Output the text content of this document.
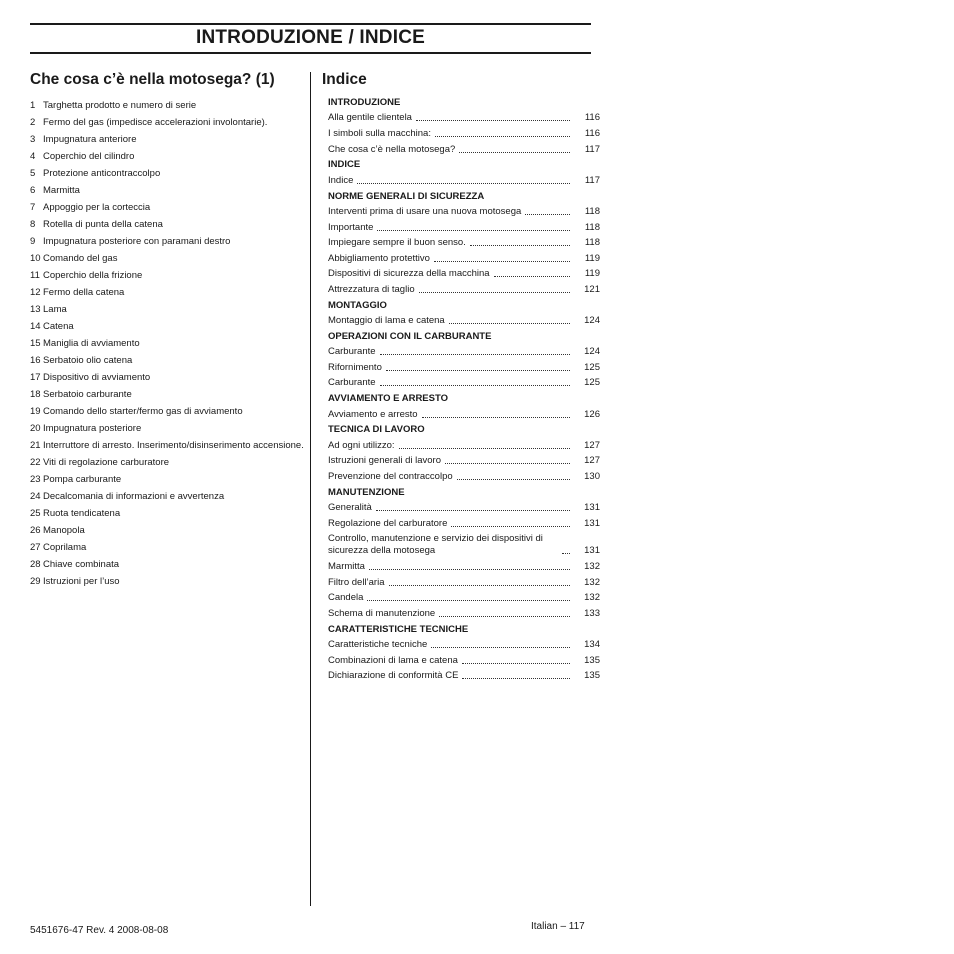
INTRODUZIONE / INDICE
Che cosa c’è nella motosega? (1)
1 Targhetta prodotto e numero di serie
2 Fermo del gas (impedisce accelerazioni involontarie).
3 Impugnatura anteriore
4 Coperchio del cilindro
5 Protezione anticontraccolpo
6 Marmitta
7 Appoggio per la corteccia
8 Rotella di punta della catena
9 Impugnatura posteriore con paramani destro
10 Comando del gas
11 Coperchio della frizione
12 Fermo della catena
13 Lama
14 Catena
15 Maniglia di avviamento
16 Serbatoio olio catena
17 Dispositivo di avviamento
18 Serbatoio carburante
19 Comando dello starter/fermo gas di avviamento
20 Impugnatura posteriore
21 Interruttore di arresto. Inserimento/disinserimento accensione.
22 Viti di regolazione carburatore
23 Pompa carburante
24 Decalcomania di informazioni e avvertenza
25 Ruota tendicatena
26 Manopola
27 Coprilama
28 Chiave combinata
29 Istruzioni per l’uso
Indice
INTRODUZIONE
Alla gentile clientela	116
I simboli sulla macchina:	116
Che cosa c’è nella motosega?	117
INDICE
Indice	117
NORME GENERALI DI SICUREZZA
Interventi prima di usare una nuova motosega	118
Importante	118
Impiegare sempre il buon senso.	118
Abbigliamento protettivo	119
Dispositivi di sicurezza della macchina	119
Attrezzatura di taglio	121
MONTAGGIO
Montaggio di lama e catena	124
OPERAZIONI CON IL CARBURANTE
Carburante	124
Rifornimento	125
Carburante	125
AVVIAMENTO E ARRESTO
Avviamento e arresto	126
TECNICA DI LAVORO
Ad ogni utilizzo:	127
Istruzioni generali di lavoro	127
Prevenzione del contraccolpo	130
MANUTENZIONE
Generalità	131
Regolazione del carburatore	131
Controllo, manutenzione e servizio dei dispositivi di sicurezza della motosega	131
Marmitta	132
Filtro dell’aria	132
Candela	132
Schema di manutenzione	133
CARATTERISTICHE TECNICHE
Caratteristiche tecniche	134
Combinazioni di lama e catena	135
Dichiarazione di conformità CE	135
5451676-47 Rev. 4 2008-08-08	Italian – 117
